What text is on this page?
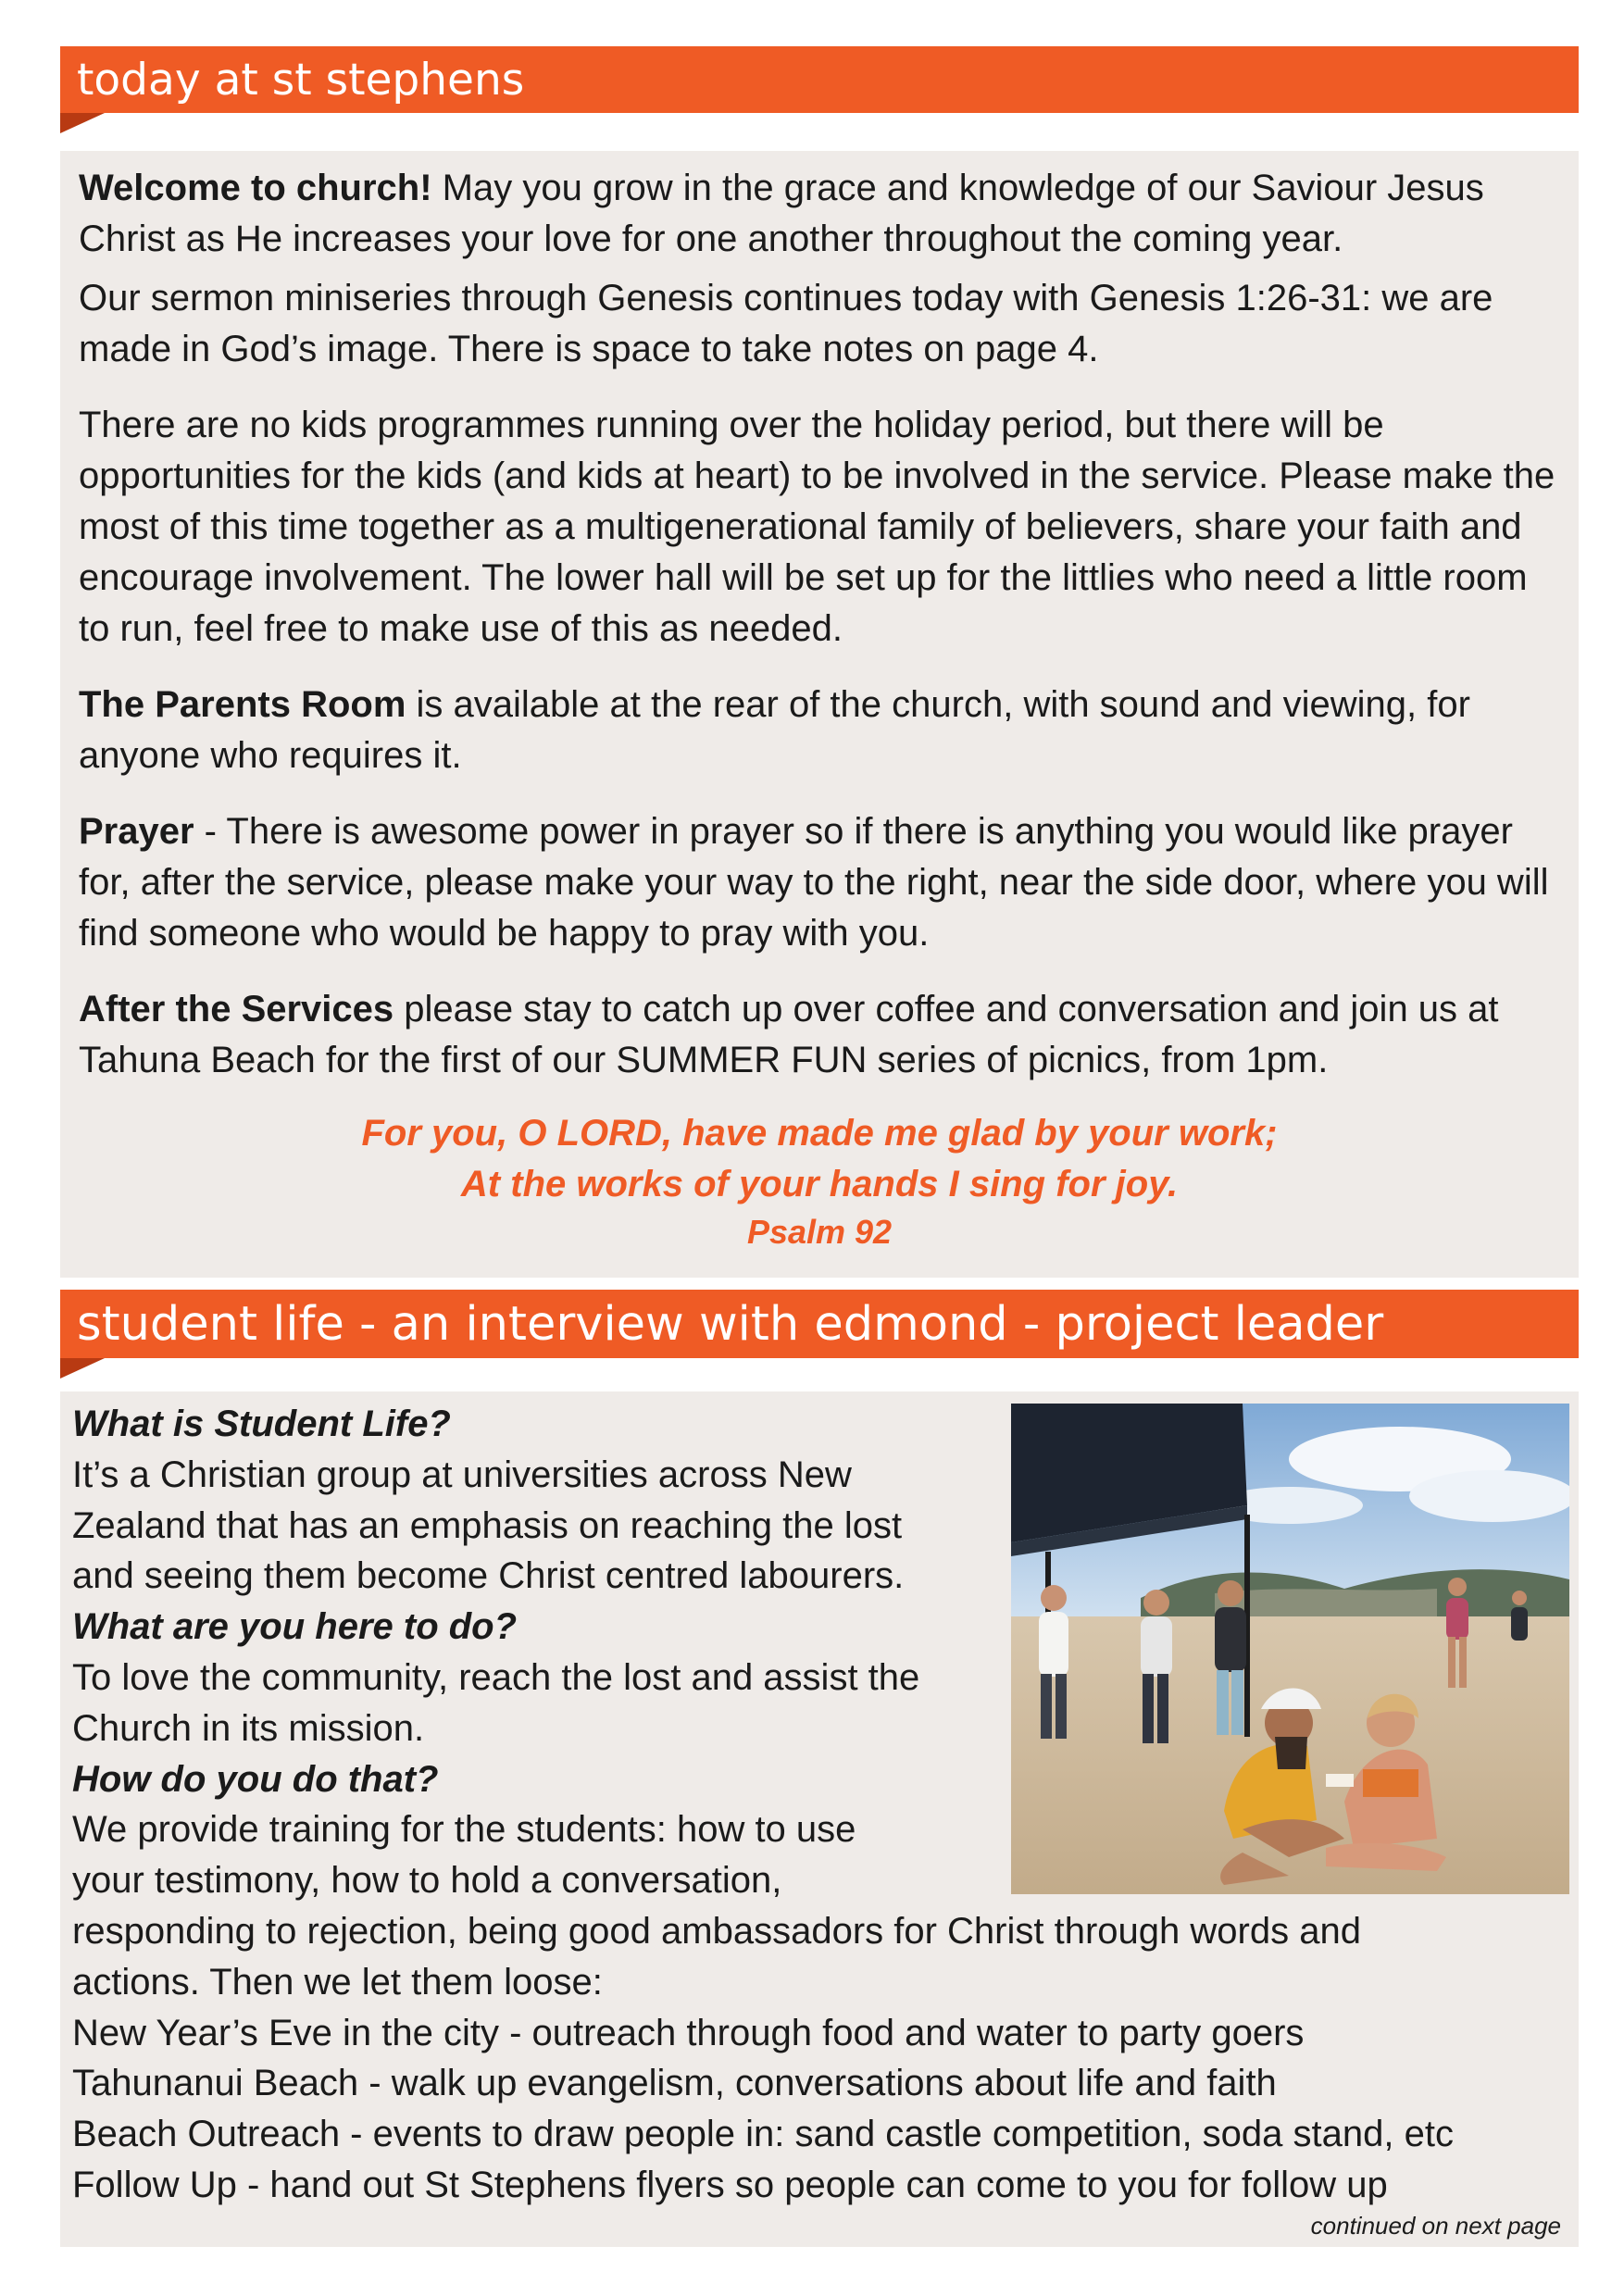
today at st stephens

Welcome to church! May you grow in the grace and knowledge of our Saviour Jesus Christ as He increases your love for one another throughout the coming year.

Our sermon miniseries through Genesis continues today with Genesis 1:26-31: we are made in God’s image. There is space to take notes on page 4.

There are no kids programmes running over the holiday period, but there will be opportunities for the kids (and kids at heart) to be involved in the service. Please make the most of this time together as a multigenerational family of believers, share your faith and encourage involvement. The lower hall will be set up for the littlies who need a little room to run, feel free to make use of this as needed.

The Parents Room is available at the rear of the church, with sound and viewing, for anyone who requires it.

Prayer - There is awesome power in prayer so if there is anything you would like prayer for, after the service, please make your way to the right, near the side door, where you will find someone who would be happy to pray with you.

After the Services please stay to catch up over coffee and conversation and join us at Tahuna Beach for the first of our SUMMER FUN series of picnics, from 1pm.

For you, O LORD, have made me glad by your work;
At the works of your hands I sing for joy.
Psalm 92
student life - an interview with edmond - project leader

What is Student Life?

It’s a Christian group at universities across New

Zealand that has an emphasis on reaching the lost

and seeing them become Christ centred labourers.

What are you here to do?

To love the community, reach the lost and assist the

Church in its mission.

How do you do that?

We provide training for the students: how to use

your testimony, how to hold a conversation,

responding to rejection, being good ambassadors for Christ through words and

actions. Then we let them loose:

New Year’s Eve in the city - outreach through food and water to party goers

Tahunanui Beach - walk up evangelism, conversations about life and faith

Beach Outreach - events to draw people in: sand castle competition, soda stand, etc

Follow Up - hand out St Stephens flyers so people can come to you for follow up

continued on next page
